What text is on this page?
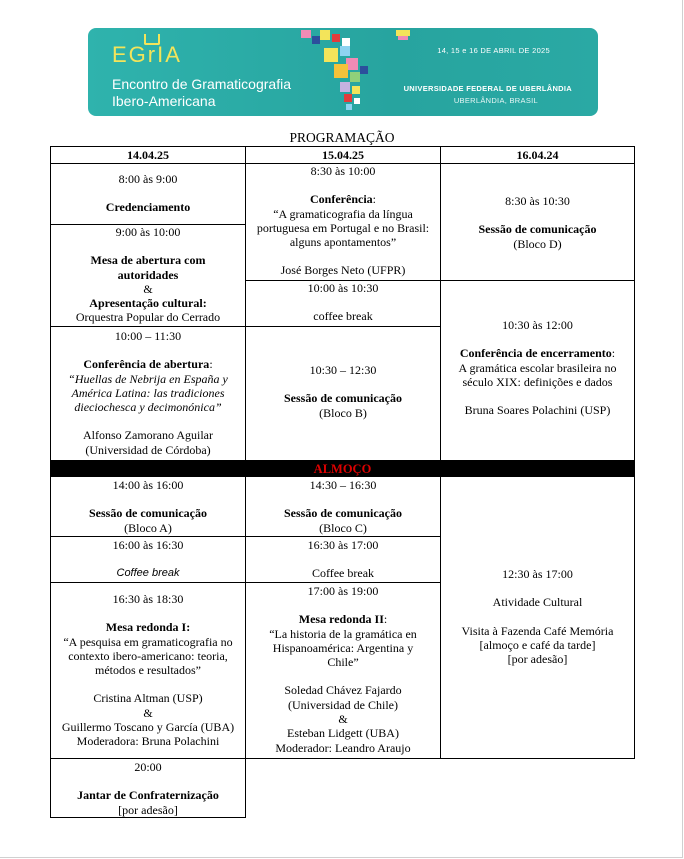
EGrIA
Encontro de Gramaticografia
Ibero-Americana
14, 15 e 16 DE ABRIL DE 2025
UNIVERSIDADE FEDERAL DE UBERLÂNDIA
UBERLÂNDIA, BRASIL
PROGRAMAÇÃO
14.04.25	15.04.25	16.04.24
8:00 às 9:00
Credenciamento
9:00 às 10:00
Mesa de abertura com
autoridades
&
Apresentação cultural:
Orquestra Popular do Cerrado
10:00 – 11:30
Conferência de abertura:
“Huellas de Nebrija en España y
América Latina: las tradiciones
dieciochesca y decimonónica”
Alfonso Zamorano Aguilar
(Universidad de Córdoba)
8:30 às 10:00
Conferência:
“A gramaticografia da língua
portuguesa em Portugal e no Brasil:
alguns apontamentos”
José Borges Neto (UFPR)
10:00 às 10:30
coffee break
10:30 – 12:30
Sessão de comunicação
(Bloco B)
8:30 às 10:30
Sessão de comunicação
(Bloco D)
10:30 às 12:00
Conferência de encerramento:
A gramática escolar brasileira no
século XIX: definições e dados
Bruna Soares Polachini (USP)
ALMOÇO
14:00 às 16:00
Sessão de comunicação
(Bloco A)
16:00 às 16:30
Coffee break
16:30 às 18:30
Mesa redonda I:
“A pesquisa em gramaticografia no
contexto ibero-americano: teoria,
métodos e resultados”
Cristina Altman (USP)
&
Guillermo Toscano y García (UBA)
Moderadora: Bruna Polachini
20:00
Jantar de Confraternização
[por adesão]
14:30 – 16:30
Sessão de comunicação
(Bloco C)
16:30 às 17:00
Coffee break
17:00 às 19:00
Mesa redonda II:
“La historia de la gramática en
Hispanoamérica: Argentina y
Chile”
Soledad Chávez Fajardo
(Universidad de Chile)
&
Esteban Lidgett (UBA)
Moderador: Leandro Araujo
12:30 às 17:00
Atividade Cultural
Visita à Fazenda Café Memória
[almoço e café da tarde]
[por adesão]
